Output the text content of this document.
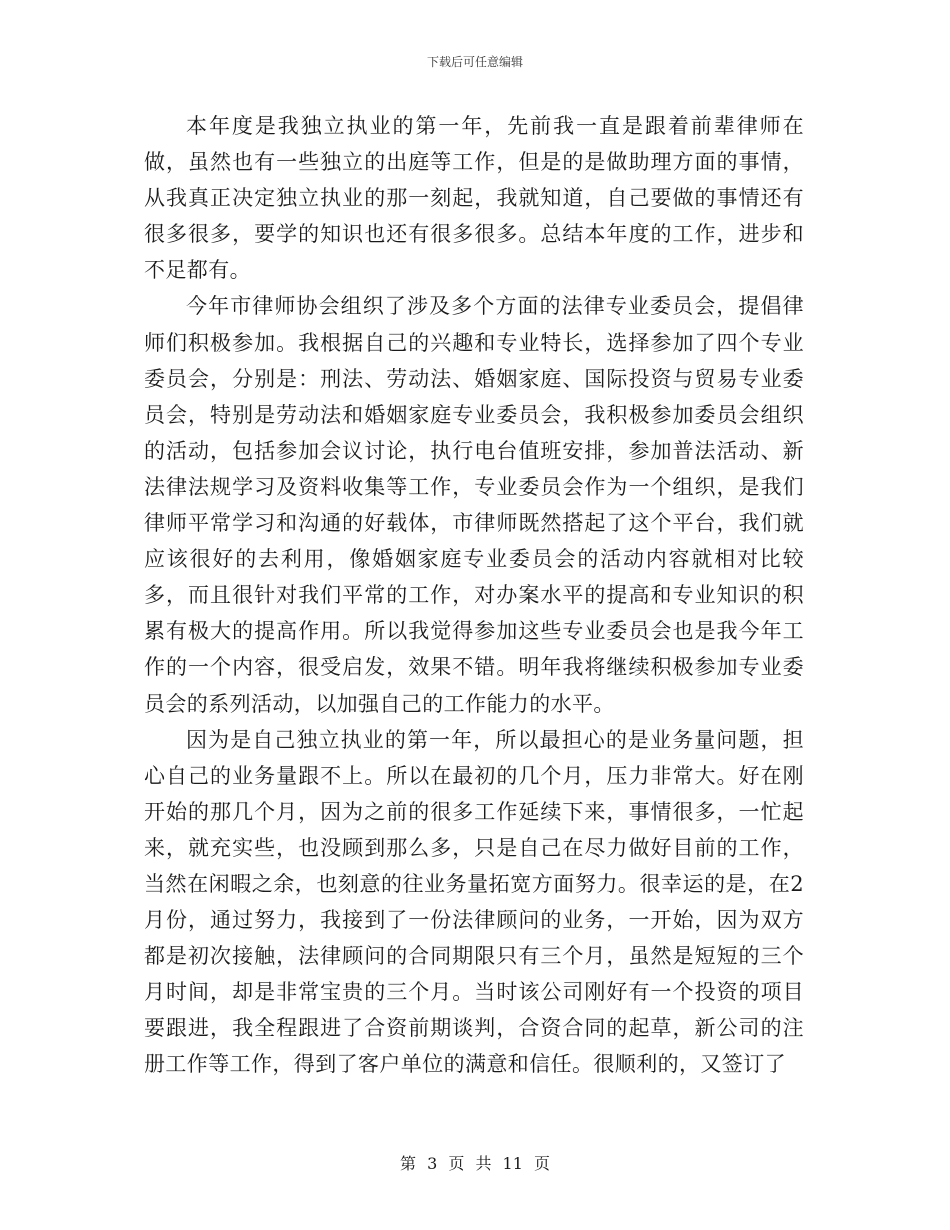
下载后可任意编辑

本年度是我独立执业的第一年，先前我一直是跟着前辈律师在做，虽然也有一些独立的出庭等工作，但是的是做助理方面的事情，从我真正决定独立执业的那一刻起，我就知道，自己要做的事情还有很多很多，要学的知识也还有很多很多。总结本年度的工作，进步和不足都有。

今年市律师协会组织了涉及多个方面的法律专业委员会，提倡律师们积极参加。我根据自己的兴趣和专业特长，选择参加了四个专业委员会，分别是：刑法、劳动法、婚姻家庭、国际投资与贸易专业委员会，特别是劳动法和婚姻家庭专业委员会，我积极参加委员会组织的活动，包括参加会议讨论，执行电台值班安排，参加普法活动、新法律法规学习及资料收集等工作，专业委员会作为一个组织，是我们律师平常学习和沟通的好载体，市律师既然搭起了这个平台，我们就应该很好的去利用，像婚姻家庭专业委员会的活动内容就相对比较多，而且很针对我们平常的工作，对办案水平的提高和专业知识的积累有极大的提高作用。所以我觉得参加这些专业委员会也是我今年工作的一个内容，很受启发，效果不错。明年我将继续积极参加专业委员会的系列活动，以加强自己的工作能力的水平。

因为是自己独立执业的第一年，所以最担心的是业务量问题，担心自己的业务量跟不上。所以在最初的几个月，压力非常大。好在刚开始的那几个月，因为之前的很多工作延续下来，事情很多，一忙起来，就充实些，也没顾到那么多，只是自己在尽力做好目前的工作，当然在闲暇之余，也刻意的往业务量拓宽方面努力。很幸运的是，在2月份，通过努力，我接到了一份法律顾问的业务，一开始，因为双方都是初次接触，法律顾问的合同期限只有三个月，虽然是短短的三个月时间，却是非常宝贵的三个月。当时该公司刚好有一个投资的项目要跟进，我全程跟进了合资前期谈判，合资合同的起草，新公司的注册工作等工作，得到了客户单位的满意和信任。很顺利的，又签订了

第 3 页 共 11 页
